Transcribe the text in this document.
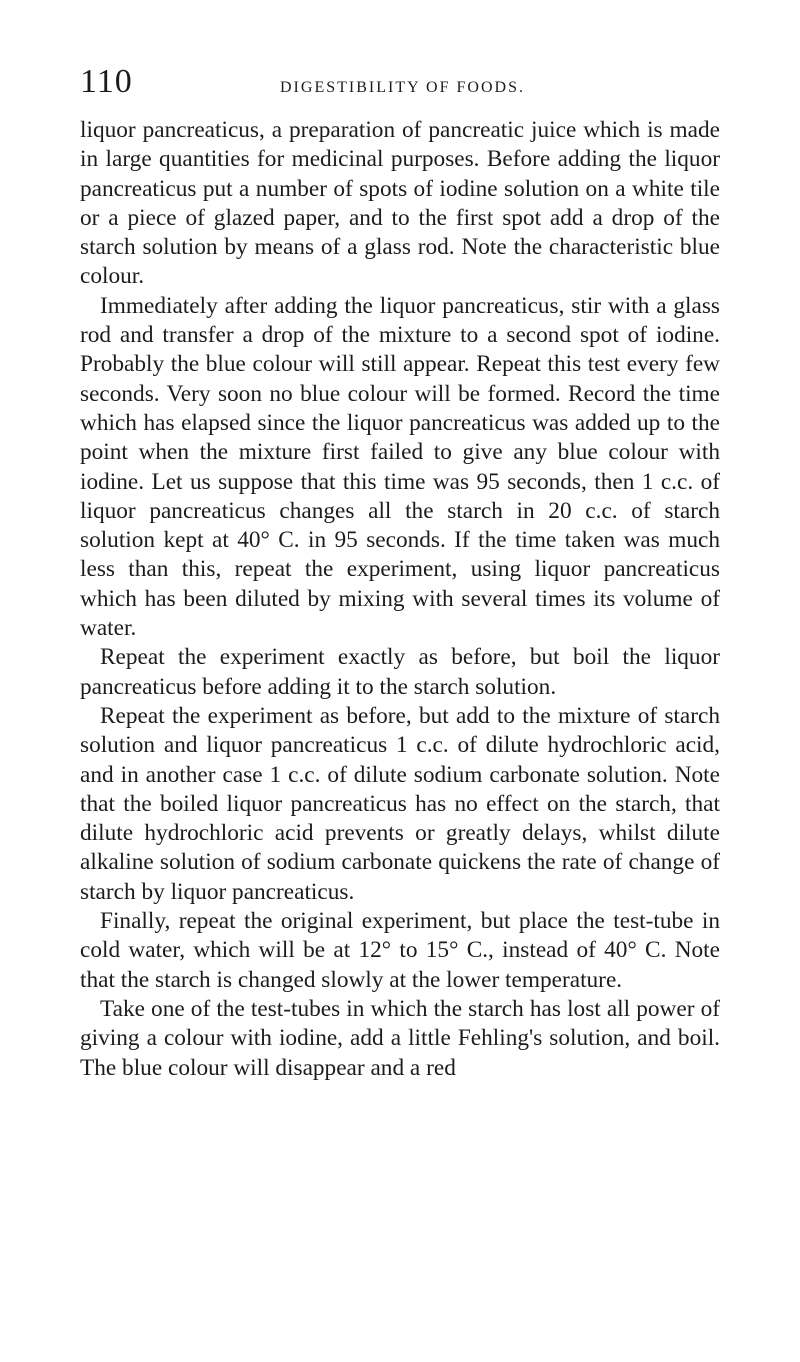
110	DIGESTIBILITY OF FOODS.

liquor pancreaticus, a preparation of pancreatic juice which is made in large quantities for medicinal purposes. Before adding the liquor pancreaticus put a number of spots of iodine solution on a white tile or a piece of glazed paper, and to the first spot add a drop of the starch solution by means of a glass rod. Note the characteristic blue colour.

Immediately after adding the liquor pancreaticus, stir with a glass rod and transfer a drop of the mixture to a second spot of iodine. Probably the blue colour will still appear. Repeat this test every few seconds. Very soon no blue colour will be formed. Record the time which has elapsed since the liquor pancreaticus was added up to the point when the mixture first failed to give any blue colour with iodine. Let us suppose that this time was 95 seconds, then 1 c.c. of liquor pancreaticus changes all the starch in 20 c.c. of starch solution kept at 40° C. in 95 seconds. If the time taken was much less than this, repeat the experiment, using liquor pancreaticus which has been diluted by mixing with several times its volume of water.

Repeat the experiment exactly as before, but boil the liquor pancreaticus before adding it to the starch solution.

Repeat the experiment as before, but add to the mixture of starch solution and liquor pancreaticus 1 c.c. of dilute hydrochloric acid, and in another case 1 c.c. of dilute sodium carbonate solution. Note that the boiled liquor pancreaticus has no effect on the starch, that dilute hydrochloric acid prevents or greatly delays, whilst dilute alkaline solution of sodium carbonate quickens the rate of change of starch by liquor pancreaticus.

Finally, repeat the original experiment, but place the test-tube in cold water, which will be at 12° to 15° C., instead of 40° C. Note that the starch is changed slowly at the lower temperature.

Take one of the test-tubes in which the starch has lost all power of giving a colour with iodine, add a little Fehling's solution, and boil. The blue colour will disappear and a red
